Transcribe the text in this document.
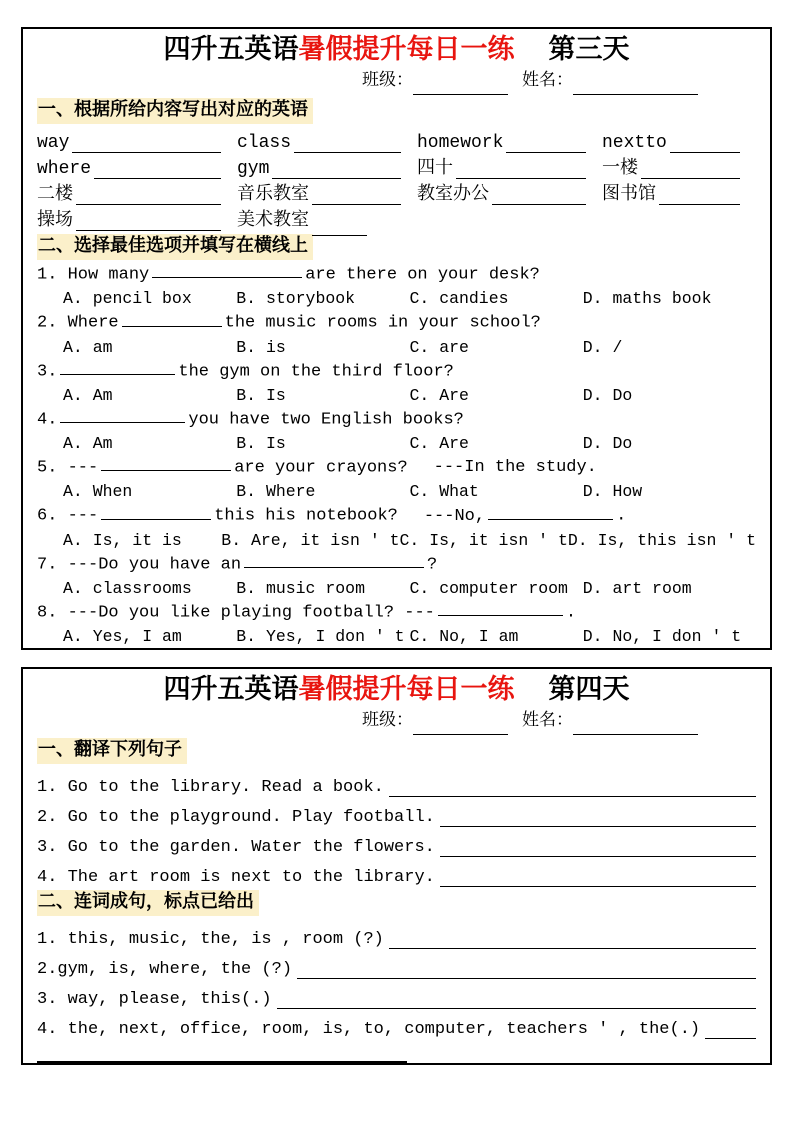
四升五英语暑假提升每日一练 第三天
班级：	姓名：
一、根据所给内容写出对应的英语
way	class	homework	nextto
where	gym	四十	一楼
二楼	音乐教室	教室办公	图书馆
操场	美术教室
二、选择最佳选项并填写在横线上
1. How many	are there on your desk?
A. pencil box	B. storybook	C. candies	D. maths book
2. Where	the music rooms in your school?
A. am	B. is	C. are	D. /
3.	the gym on the third floor?
A. Am	B. Is	C. Are	D. Do
4.	you have two English books?
A. Am	B. Is	C. Are	D. Do
5. ---	are your crayons? ---In the study.
A. When	B. Where	C. What	D. How
6. ---	this his notebook? ---No,	.
A. Is, it is	B. Are, it isn ' t C. Is, it isn ' t D. Is, this isn ' t
7. ---Do you have an	?
A. classrooms	B. music room	C. computer room D. art room
8. ---Do you like playing football? ---	.
A. Yes, I am	B. Yes, I don ' t C. No, I am	D. No, I don ' t
四升五英语暑假提升每日一练 第四天
班级：	姓名：
一、翻译下列句子
1. Go to the library. Read a book.
2. Go to the playground. Play football.
3. Go to the garden. Water the flowers.
4. The art room is next to the library.
二、连词成句，标点已给出
1. this, music, the, is , room (?)
2.gym, is, where, the (?)
3. way, please, this(.)
4. the, next, office, room, is, to, computer, teachers ' , the(.)
